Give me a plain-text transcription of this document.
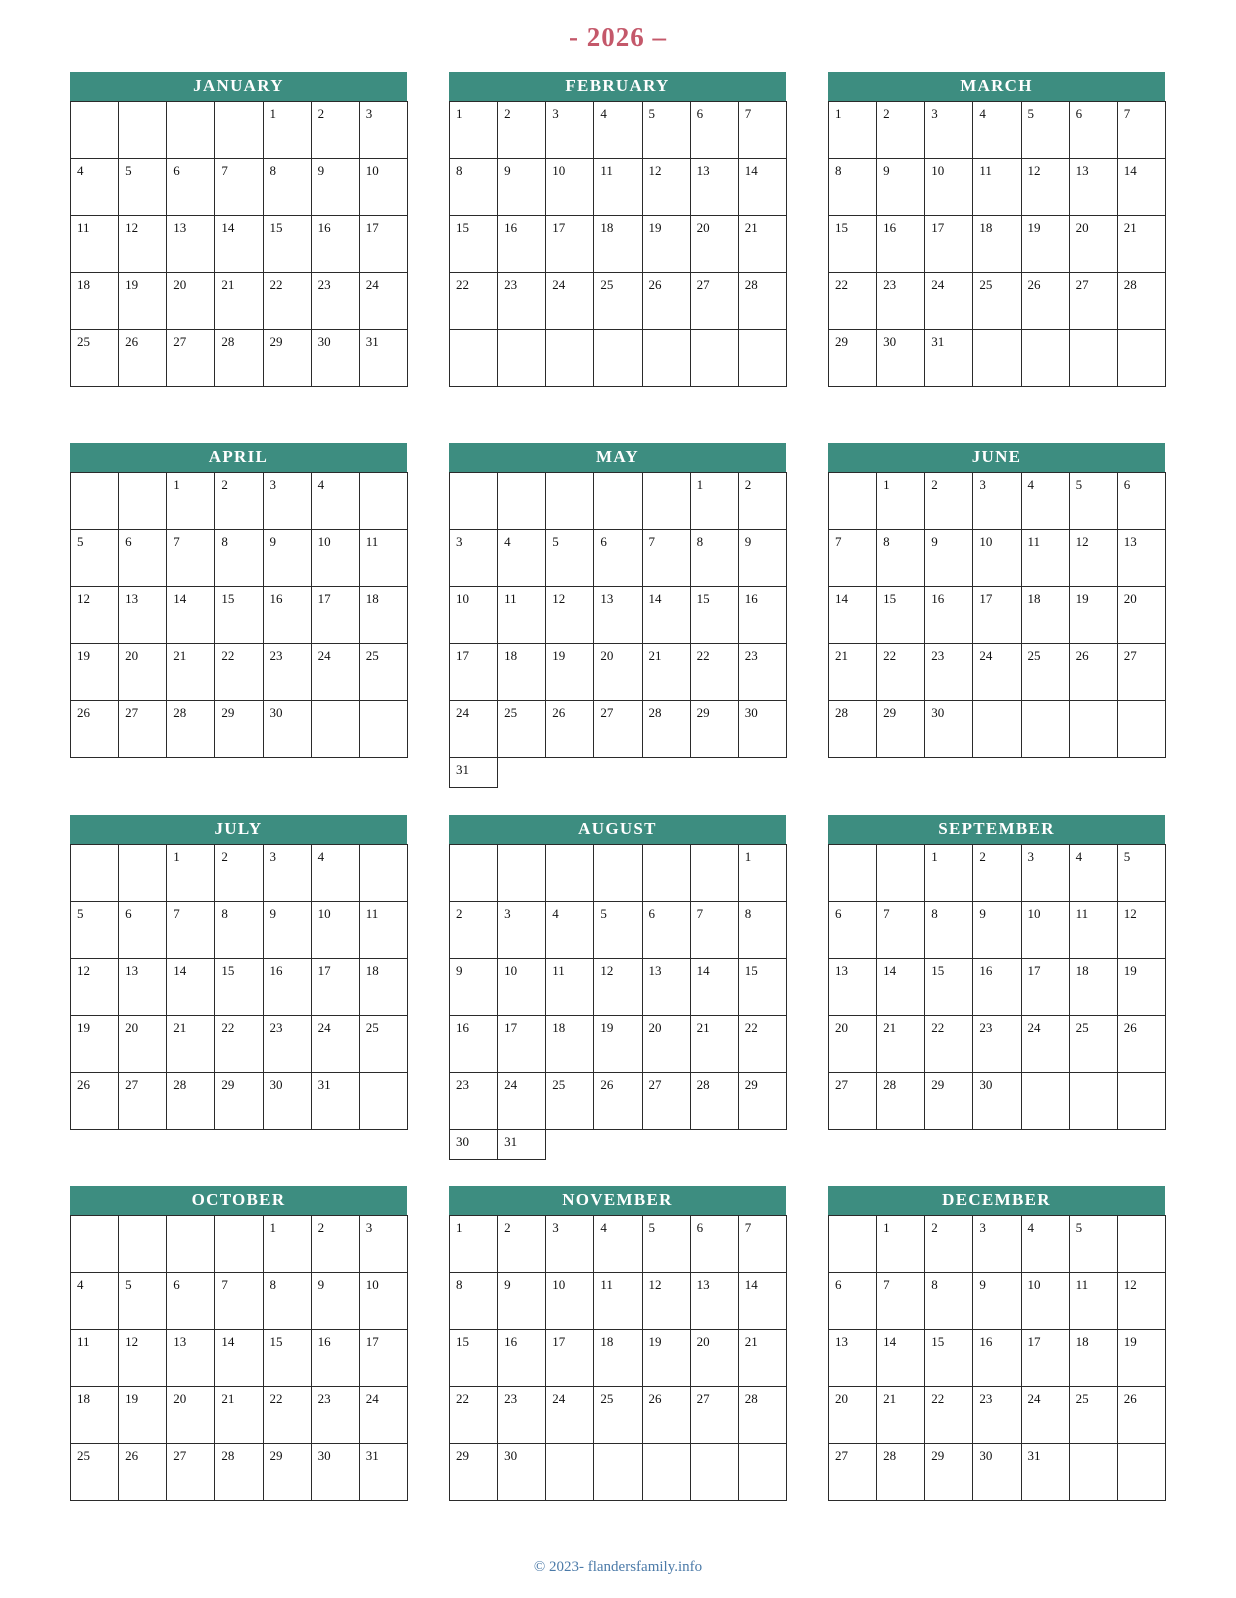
- 2026 –
JANUARY
				1	2	3
4	5	6	7	8	9	10
11	12	13	14	15	16	17
18	19	20	21	22	23	24
25	26	27	28	29	30	31

FEBRUARY
1	2	3	4	5	6	7
8	9	10	11	12	13	14
15	16	17	18	19	20	21
22	23	24	25	26	27	28

MARCH
1	2	3	4	5	6	7
8	9	10	11	12	13	14
15	16	17	18	19	20	21
22	23	24	25	26	27	28
29	30	31				

APRIL
		1	2	3	4	
5	6	7	8	9	10	11
12	13	14	15	16	17	18
19	20	21	22	23	24	25
26	27	28	29	30		

MAY
					1	2
3	4	5	6	7	8	9
10	11	12	13	14	15	16
17	18	19	20	21	22	23
24	25	26	27	28	29	30
31						
JUNE
	1	2	3	4	5	6
7	8	9	10	11	12	13
14	15	16	17	18	19	20
21	22	23	24	25	26	27
28	29	30				

JULY
		1	2	3	4	
5	6	7	8	9	10	11
12	13	14	15	16	17	18
19	20	21	22	23	24	25
26	27	28	29	30	31	

AUGUST
						1
2	3	4	5	6	7	8
9	10	11	12	13	14	15
16	17	18	19	20	21	22
23	24	25	26	27	28	29
30	31					
SEPTEMBER
		1	2	3	4	5
6	7	8	9	10	11	12
13	14	15	16	17	18	19
20	21	22	23	24	25	26
27	28	29	30			

OCTOBER
				1	2	3
4	5	6	7	8	9	10
11	12	13	14	15	16	17
18	19	20	21	22	23	24
25	26	27	28	29	30	31

NOVEMBER
1	2	3	4	5	6	7
8	9	10	11	12	13	14
15	16	17	18	19	20	21
22	23	24	25	26	27	28
29	30					

DECEMBER
	1	2	3	4	5	
6	7	8	9	10	11	12
13	14	15	16	17	18	19
20	21	22	23	24	25	26
27	28	29	30	31		

© 2023- flandersfamily.info
